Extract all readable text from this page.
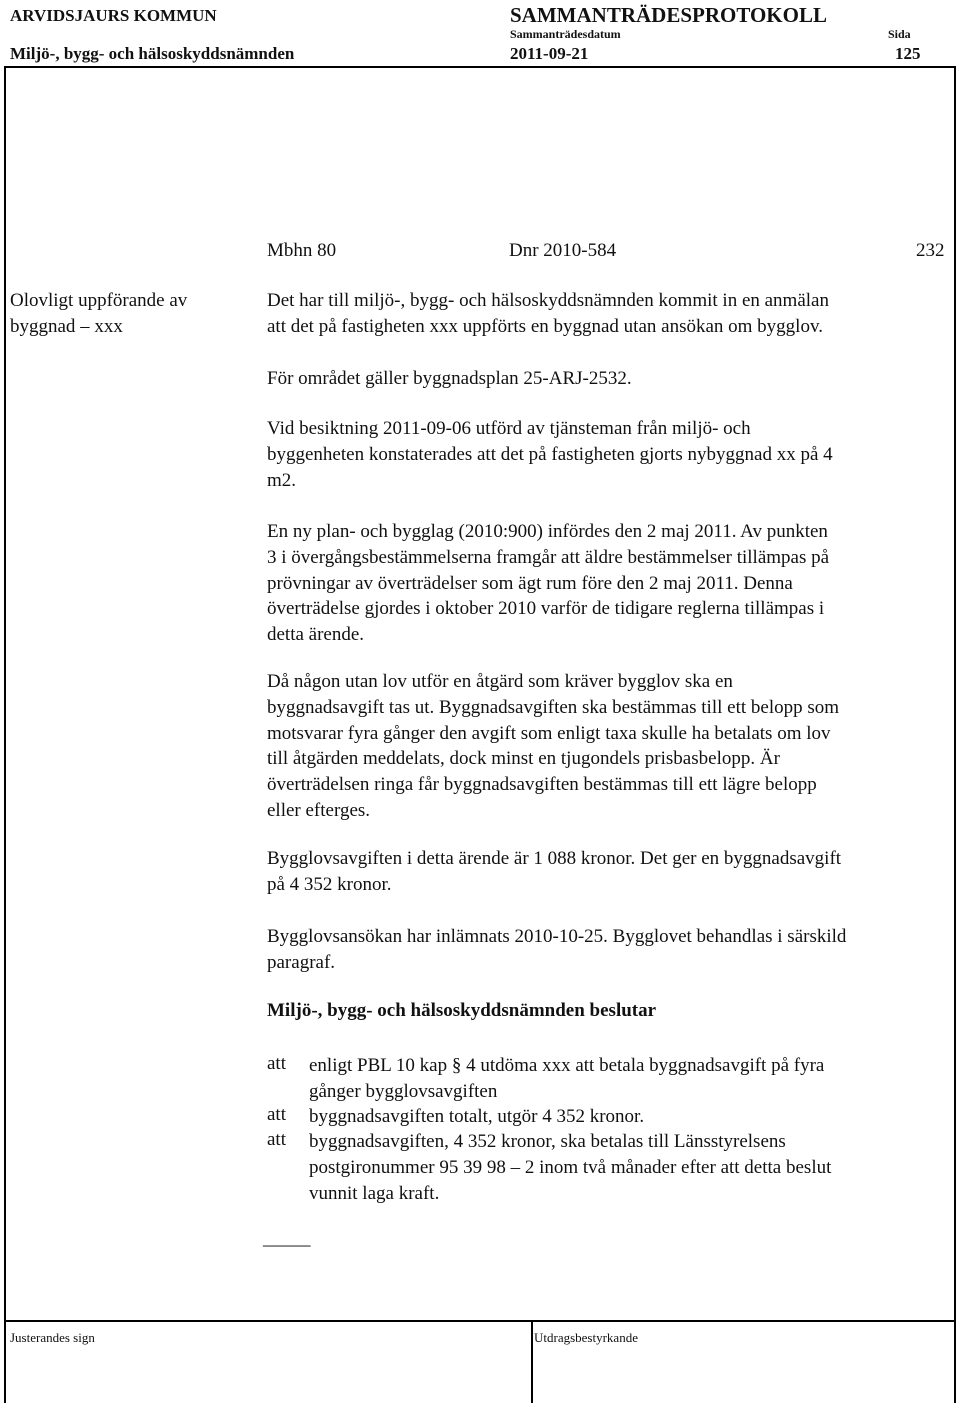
ARVIDSJAURS KOMMUN	SAMMANTRÄDESPROTOKOLL
Sammanträdesdatum	Sida
Miljö-, bygg- och hälsoskyddsnämnden	2011-09-21	125
Mbhn 80	Dnr 2010-584	232
Olovligt uppförande av
byggnad ⎯ xxx
Det har till miljö-, bygg- och hälsoskyddsnämnden kommit in en anmälan
att det på fastigheten xxx uppförts en byggnad utan ansökan om bygglov.
För området gäller byggnadsplan 25-ARJ-2532.
Vid besiktning 2011-09-06 utförd av tjänsteman från miljö- och
byggenheten konstaterades att det på fastigheten gjorts nybyggnad xx på 4
m2.
En ny plan- och bygglag (2010:900) infördes den 2 maj 2011. Av punkten
3 i övergångsbestämmelserna framgår att äldre bestämmelser tillämpas på
prövningar av överträdelser som ägt rum före den 2 maj 2011. Denna
överträdelse gjordes i oktober 2010 varför de tidigare reglerna tillämpas i
detta ärende.
Då någon utan lov utför en åtgärd som kräver bygglov ska en
byggnadsavgift tas ut. Byggnadsavgiften ska bestämmas till ett belopp som
motsvarar fyra gånger den avgift som enligt taxa skulle ha betalats om lov
till åtgärden meddelats, dock minst en tjugondels prisbasbelopp. Är
överträdelsen ringa får byggnadsavgiften bestämmas till ett lägre belopp
eller efterges.
Bygglovsavgiften i detta ärende är 1 088 kronor. Det ger en byggnadsavgift
på 4 352 kronor.
Bygglovsansökan har inlämnats 2010-10-25. Bygglovet behandlas i särskild
paragraf.
Miljö-, bygg- och hälsoskyddsnämnden beslutar
att enligt PBL 10 kap § 4 utdöma xxx att betala byggnadsavgift på fyra
gånger bygglovsavgiften
att byggnadsavgiften totalt, utgör 4 352 kronor.
att byggnadsavgiften, 4 352 kronor, ska betalas till Länsstyrelsens
postgironummer 95 39 98 – 2 inom två månader efter att detta beslut
vunnit laga kraft.
_____
Justerandes sign	Utdragsbestyrkande
